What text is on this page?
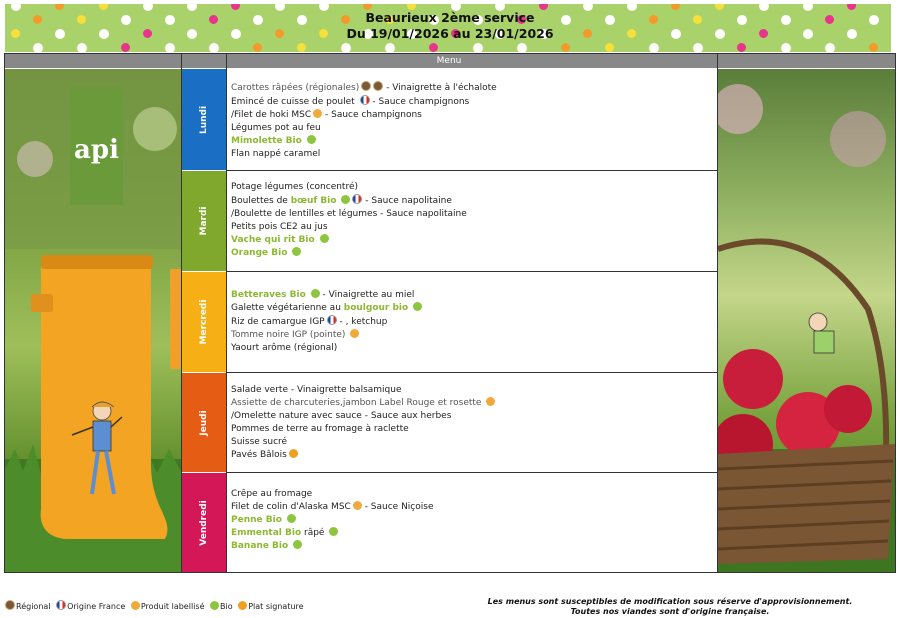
Beaurieux 2ème service
Du 19/01/2026 au 23/01/2026
Menu
api
Lundi
Mardi
Mercredi
Jeudi
Vendredi
Carottes râpées (régionales)	- Vinaigrette à l'échalote
Emincé de cuisse de poulet  - Sauce champignons
/Filet de hoki MSC - Sauce champignons
Légumes pot au feu
Mimolette Bio
Flan nappé caramel
Potage légumes (concentré)
Boulettes de bœuf Bio	- Sauce napolitaine
/Boulette de lentilles et légumes - Sauce napolitaine
Petits pois CE2 au jus
Vache qui rit Bio
Orange Bio
Betteraves Bio  - Vinaigrette au miel
Galette végétarienne au boulgour bio
Riz de camargue IGP - , ketchup
Tomme noire IGP (pointe)
Yaourt arôme (régional)
Salade verte - Vinaigrette balsamique
Assiette de charcuteries,jambon Label Rouge et rosette
/Omelette nature avec sauce - Sauce aux herbes
Pommes de terre au fromage à raclette
Suisse sucré
Pavés Bâlois
Crêpe au fromage
Filet de colin d'Alaska MSC - Sauce Niçoise
Penne Bio
Emmental Bio râpé
Banane Bio
Régional Origine France Produit labellisé Bio Plat signature
Les menus sont susceptibles de modification sous réserve d'approvisionnement.
Toutes nos viandes sont d'origine française.
